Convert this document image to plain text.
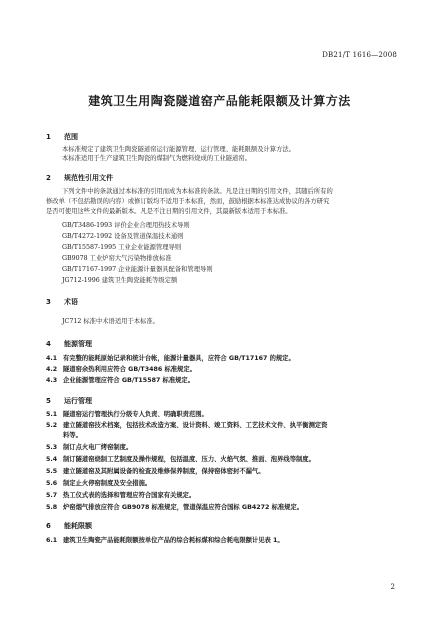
DB21/T 1616—2008
建筑卫生用陶瓷隧道窑产品能耗限额及计算方法
1 范围
本标准规定了建筑卫生陶瓷隧道窑运行能源管理、运行管理、能耗限额及计算方法。
本标准适用于生产建筑卫生陶瓷的煤制气为燃料烧成的工业隧道窑。
2 规范性引用文件
下列文件中的条款通过本标准的引用而成为本标准的条款。凡是注日期的引用文件，其随后所有的
修改单（不包括勘误的内容）或修订版均不适用于本标准，然而，鼓励根据本标准达成协议的各方研究
是否可使用这些文件的最新版本。凡是不注日期的引用文件，其最新版本适用于本标准。
GB/T3486-1993 评价企业合理用热技术导则
GB/T4272-1992 设备及管道保温技术通则
GB/T15587-1995 工业企业能源管理导则
GB9078 工业炉窑大气污染物排放标准
GB/T17167-1997 企业能源计量器具配备和管理导则
JG712-1996 建筑卫生陶瓷能耗等级定额
3 术语
JC712 标准中术语适用于本标准。
4 能源管理
4.1 有完整的能耗原始记录和统计台帐，能源计量器具，应符合 GB/T17167 的规定。
4.2 隧道窑余热利用应符合 GB/T3486 标准规定。
4.3 企业能源管理应符合 GB/T15587 标准规定。
5 运行管理
5.1 隧道窑运行管理执行分级专人负责、明确职责范围。
5.2 建立隧道窑技术档案，包括技术改造方案、设计资料、竣工资料、工艺技术文件、执平衡测定资
料等。
5.3 制订点火电厂烤窑制度。
5.4 制订隧道窑烧制工艺制度及操作规程，包括温度、压力、火焰气氛、推面、泡界线等制度。
5.5 建立隧道窑及其附属设备的检查及维修保养制度，保持窑体密封不漏气。
5.6 制定止火停窑制度及安全措施。
5.7 热工仪式表的选择和管理应符合国家有关规定。
5.8 炉窑烟气排放应符合 GB9078 标准规定，管道保温应符合国标 GB4272 标准规定。
6 能耗限额
6.1 建筑卫生陶瓷产品能耗限额按单位产品的综合耗标煤和综合耗电限额计见表 1。
2
